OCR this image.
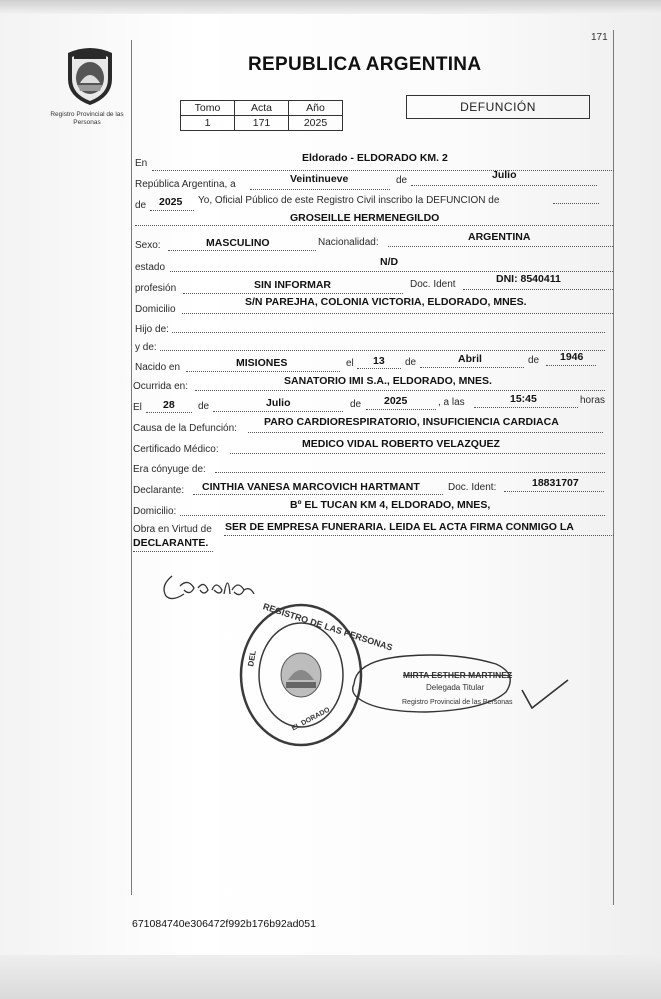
Registro Provincial de las Personas
171
REPUBLICA ARGENTINA
Tomo	Acta	Año
1	171	2025
DEFUNCIÓN
En	Eldorado - ELDORADO KM. 2
República Argentina, a	Veintinueve	de	Julio
de 2025 Yo, Oficial Público de este Registro Civil inscribo la DEFUNCION de
GROSEILLE HERMENEGILDO
Sexo:	MASCULINO	Nacionalidad:	ARGENTINA
estado	N/D
profesión	SIN INFORMAR	Doc. Ident	DNI: 8540411
Domicilio
S/N PAREJHA, COLONIA VICTORIA, ELDORADO, MNES.
Hijo de:
y de:
Nacido en	MISIONES	el 13 de	Abril	de 1946
Ocurrida en:	SANATORIO IMI S.A., ELDORADO, MNES.
El 28 de	Julio	de 2025	, a las	15:45	horas
Causa de la Defunción:
PARO CARDIORESPIRATORIO, INSUFICIENCIA CARDIACA
Certificado Médico:	MEDICO VIDAL ROBERTO VELAZQUEZ
Era cónyuge de:
Declarante: CINTHIA VANESA MARCOVICH HARTMANT	Doc. Ident:	18831707
Domicilio:
Bº EL TUCAN KM 4, ELDORADO, MNES,
Obra en Virtud de SER DE EMPRESA FUNERARIA. LEIDA EL ACTA FIRMA CONMIGO LA
DECLARANTE.
REGISTRO DE LAS PERSONAS
DEL
EL DORADO
MIRTA ESTHER MARTINEZ
Delegada Titular
Registro Provincial de las Personas
671084740e306472f992b176b92ad051
